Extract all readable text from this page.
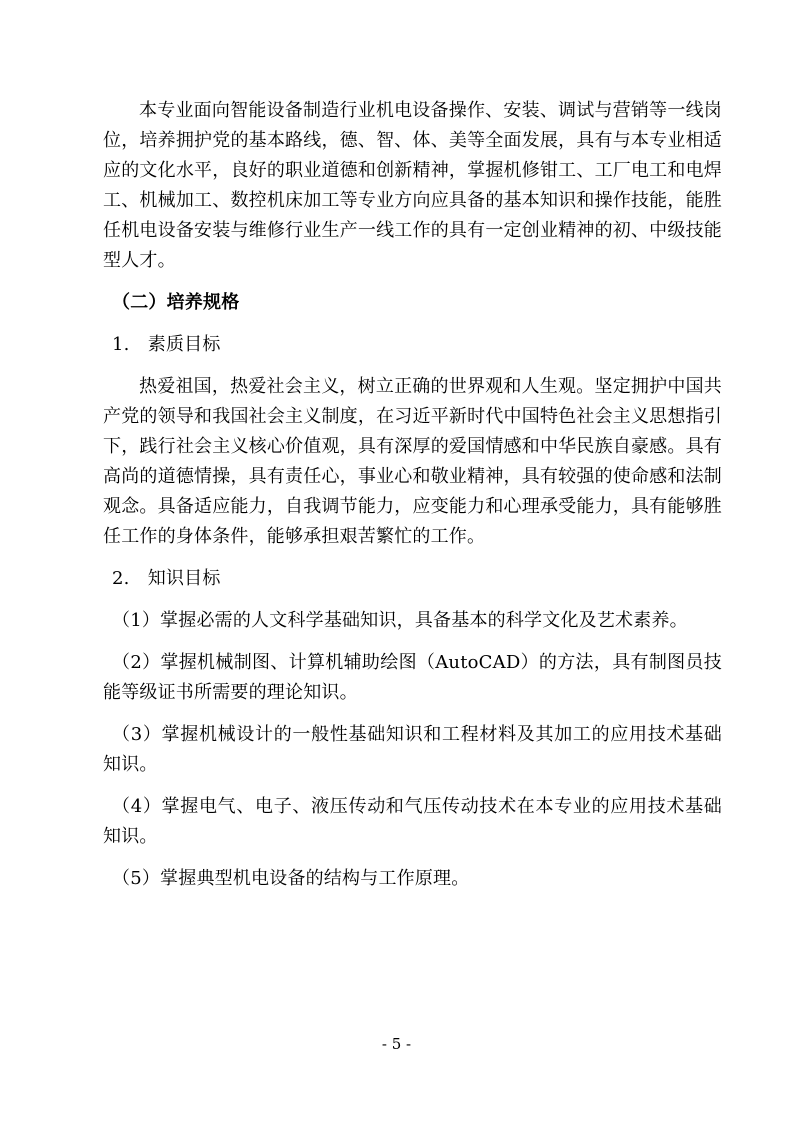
本专业面向智能设备制造行业机电设备操作、安装、调试与营销等一线岗位，培养拥护党的基本路线，德、智、体、美等全面发展，具有与本专业相适应的文化水平，良好的职业道德和创新精神，掌握机修钳工、工厂电工和电焊工、机械加工、数控机床加工等专业方向应具备的基本知识和操作技能，能胜任机电设备安装与维修行业生产一线工作的具有一定创业精神的初、中级技能型人才。

（二）培养规格

1.　素质目标

热爱祖国，热爱社会主义，树立正确的世界观和人生观。坚定拥护中国共产党的领导和我国社会主义制度，在习近平新时代中国特色社会主义思想指引下，践行社会主义核心价值观，具有深厚的爱国情感和中华民族自豪感。具有高尚的道德情操，具有责任心，事业心和敬业精神，具有较强的使命感和法制观念。具备适应能力，自我调节能力，应变能力和心理承受能力，具有能够胜任工作的身体条件，能够承担艰苦繁忙的工作。

2.　知识目标

（1）掌握必需的人文科学基础知识，具备基本的科学文化及艺术素养。

（2）掌握机械制图、计算机辅助绘图（AutoCAD）的方法，具有制图员技能等级证书所需要的理论知识。

（3）掌握机械设计的一般性基础知识和工程材料及其加工的应用技术基础知识。

（4）掌握电气、电子、液压传动和气压传动技术在本专业的应用技术基础知识。

（5）掌握典型机电设备的结构与工作原理。

- 5 -
